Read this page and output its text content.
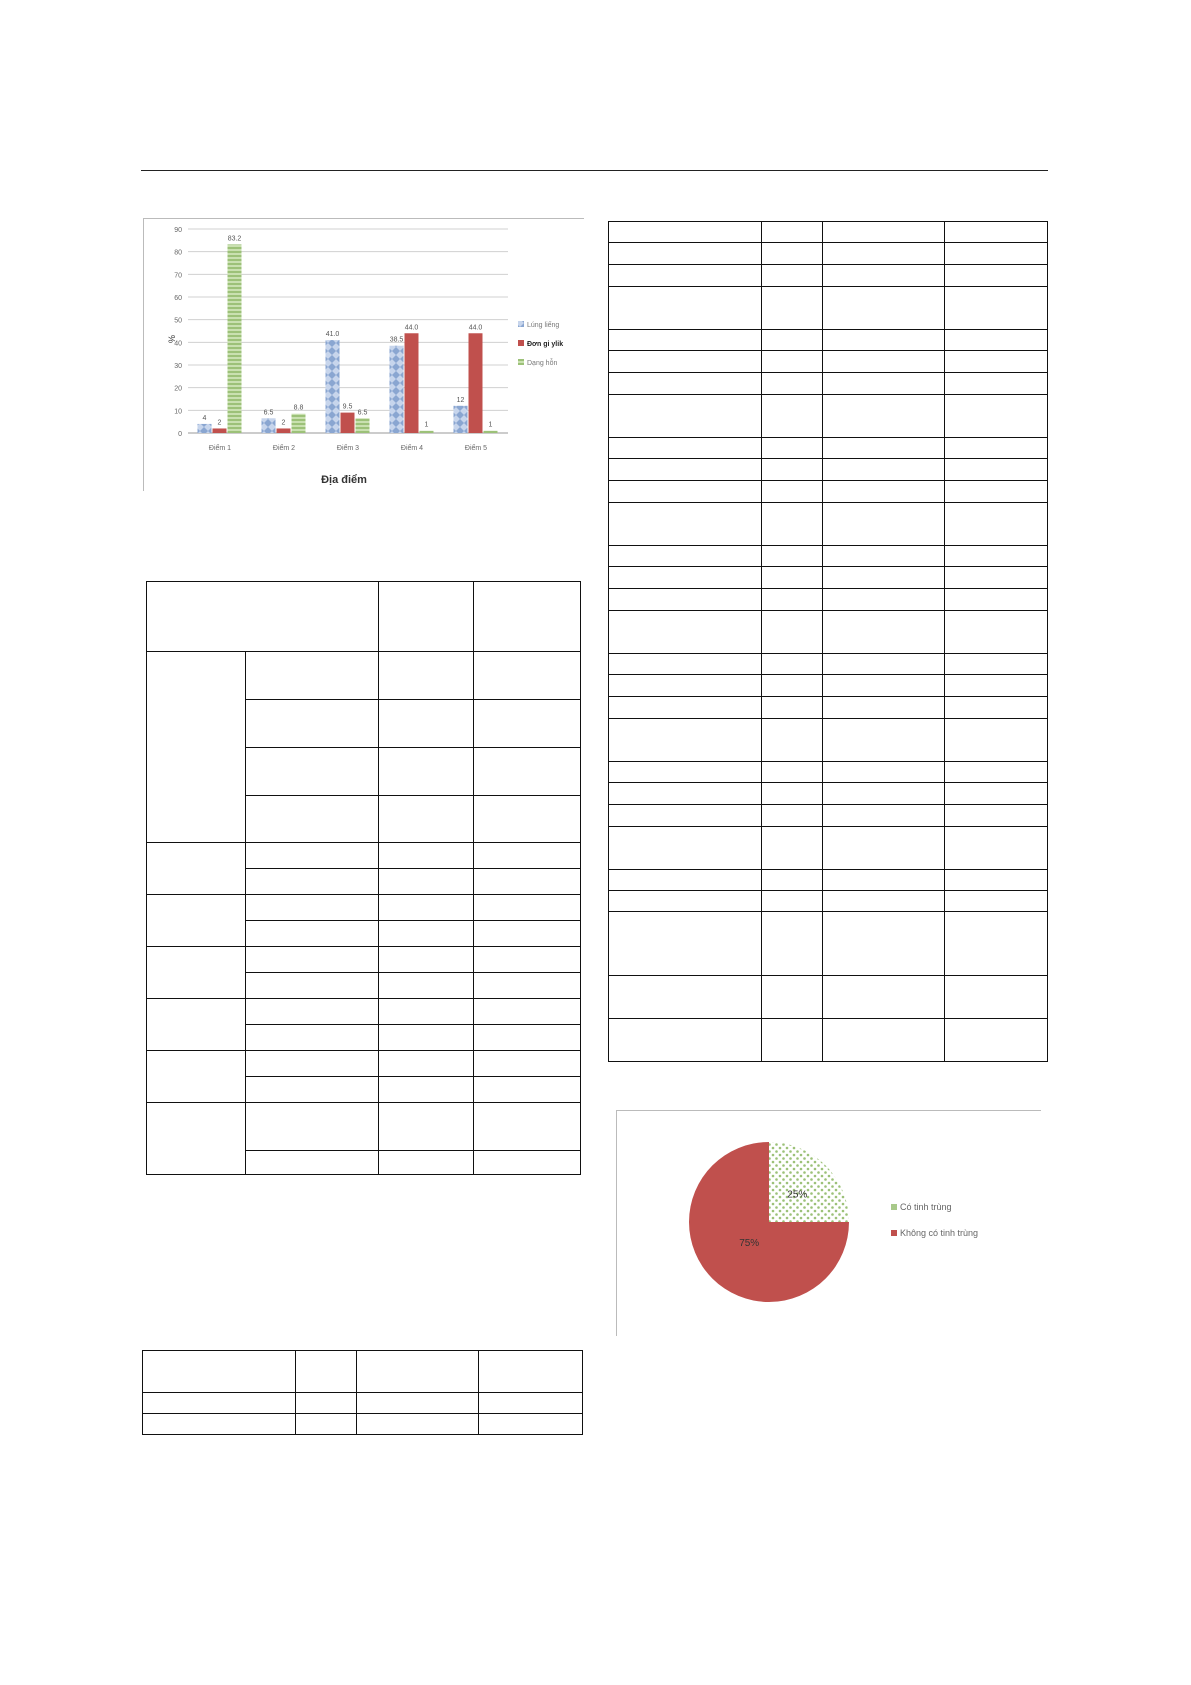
0
10
20
30
40
50
60
70
80
90
4
2
83.2
Điểm 1
6.5
2
8.8
Điểm 2
41.0
9.5
6.5
Điểm 3
38.5
44.0
1
Điểm 4
12
44.0
1
Điểm 5
Lúng liếng
Đơn gi ylik
Dạng hỗn
%
Địa điểm

25%
75%
Có tinh trùng
Không có tinh trùng
